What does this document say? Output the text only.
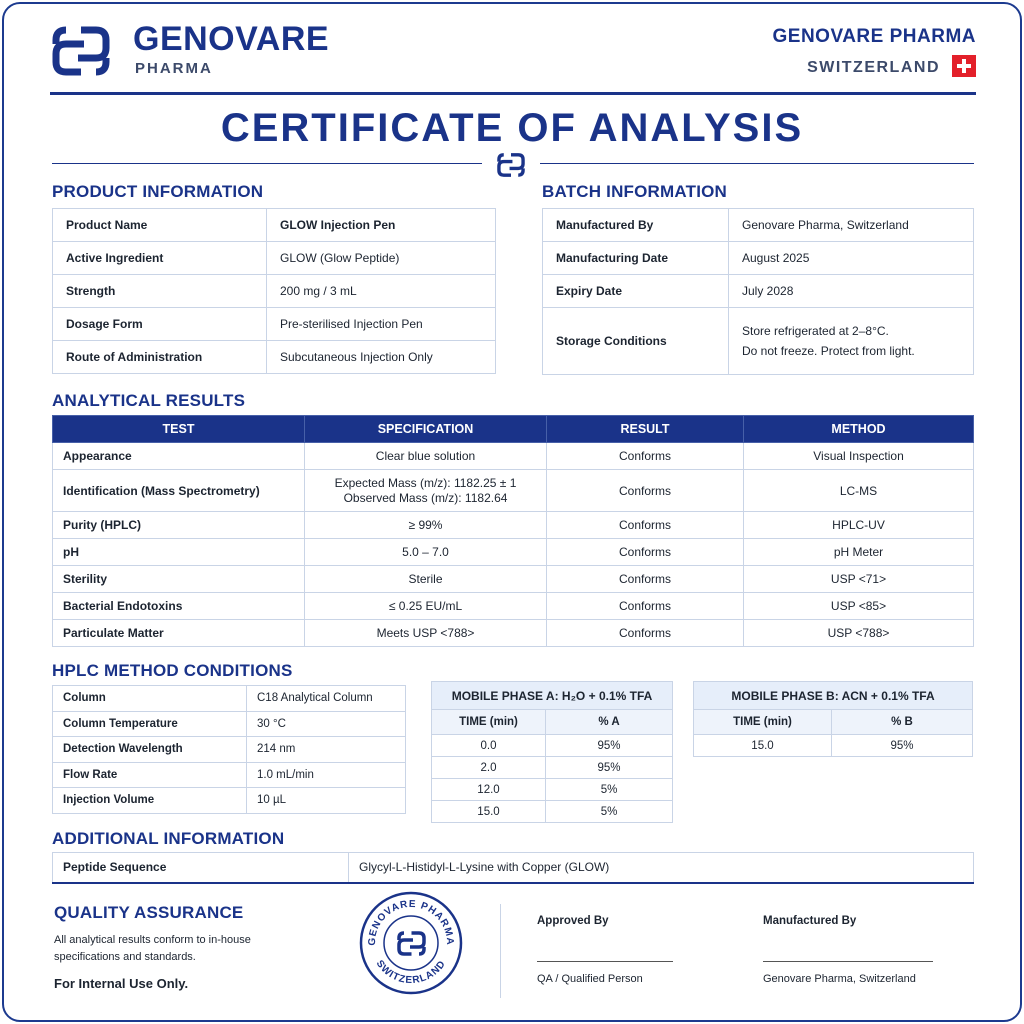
GENOVARE
PHARMA
GENOVARE PHARMA
SWITZERLAND
CERTIFICATE OF ANALYSIS
PRODUCT INFORMATION
Product Name	GLOW Injection Pen
Active Ingredient	GLOW (Glow Peptide)
Strength	200 mg / 3 mL
Dosage Form	Pre-sterilised Injection Pen
Route of Administration	Subcutaneous Injection Only
BATCH INFORMATION
Manufactured By	Genovare Pharma, Switzerland
Manufacturing Date	August 2025
Expiry Date	July 2028
Storage Conditions	Store refrigerated at 2–8°C.
Do not freeze. Protect from light.
ANALYTICAL RESULTS
TEST	SPECIFICATION	RESULT	METHOD
Appearance	Clear blue solution	Conforms	Visual Inspection
Identification (Mass Spectrometry)	Expected Mass (m/z): 1182.25 ± 1
Observed Mass (m/z): 1182.64	Conforms	LC-MS
Purity (HPLC)	≥ 99%	Conforms	HPLC-UV
pH	5.0 – 7.0	Conforms	pH Meter
Sterility	Sterile	Conforms	USP <71>
Bacterial Endotoxins	≤ 0.25 EU/mL	Conforms	USP <85>
Particulate Matter	Meets USP <788>	Conforms	USP <788>
HPLC METHOD CONDITIONS
Column	C18 Analytical Column
Column Temperature	30 °C
Detection Wavelength	214 nm
Flow Rate	1.0 mL/min
Injection Volume	10 µL
MOBILE PHASE A: H₂O + 0.1% TFA	
TIME (min)	% A
0.0	95%
2.0	95%
12.0	5%
15.0	5%
MOBILE PHASE B: ACN + 0.1% TFA	
TIME (min)	% B
15.0	95%
ADDITIONAL INFORMATION
Peptide Sequence	Glycyl-L-Histidyl-L-Lysine with Copper (GLOW)
QUALITY ASSURANCE
All analytical results conform to in-house specifications and standards.
For Internal Use Only.
GENOVARE PHARMA
SWITZERLAND
Approved By
QA / Qualified Person
Manufactured By
Genovare Pharma, Switzerland
